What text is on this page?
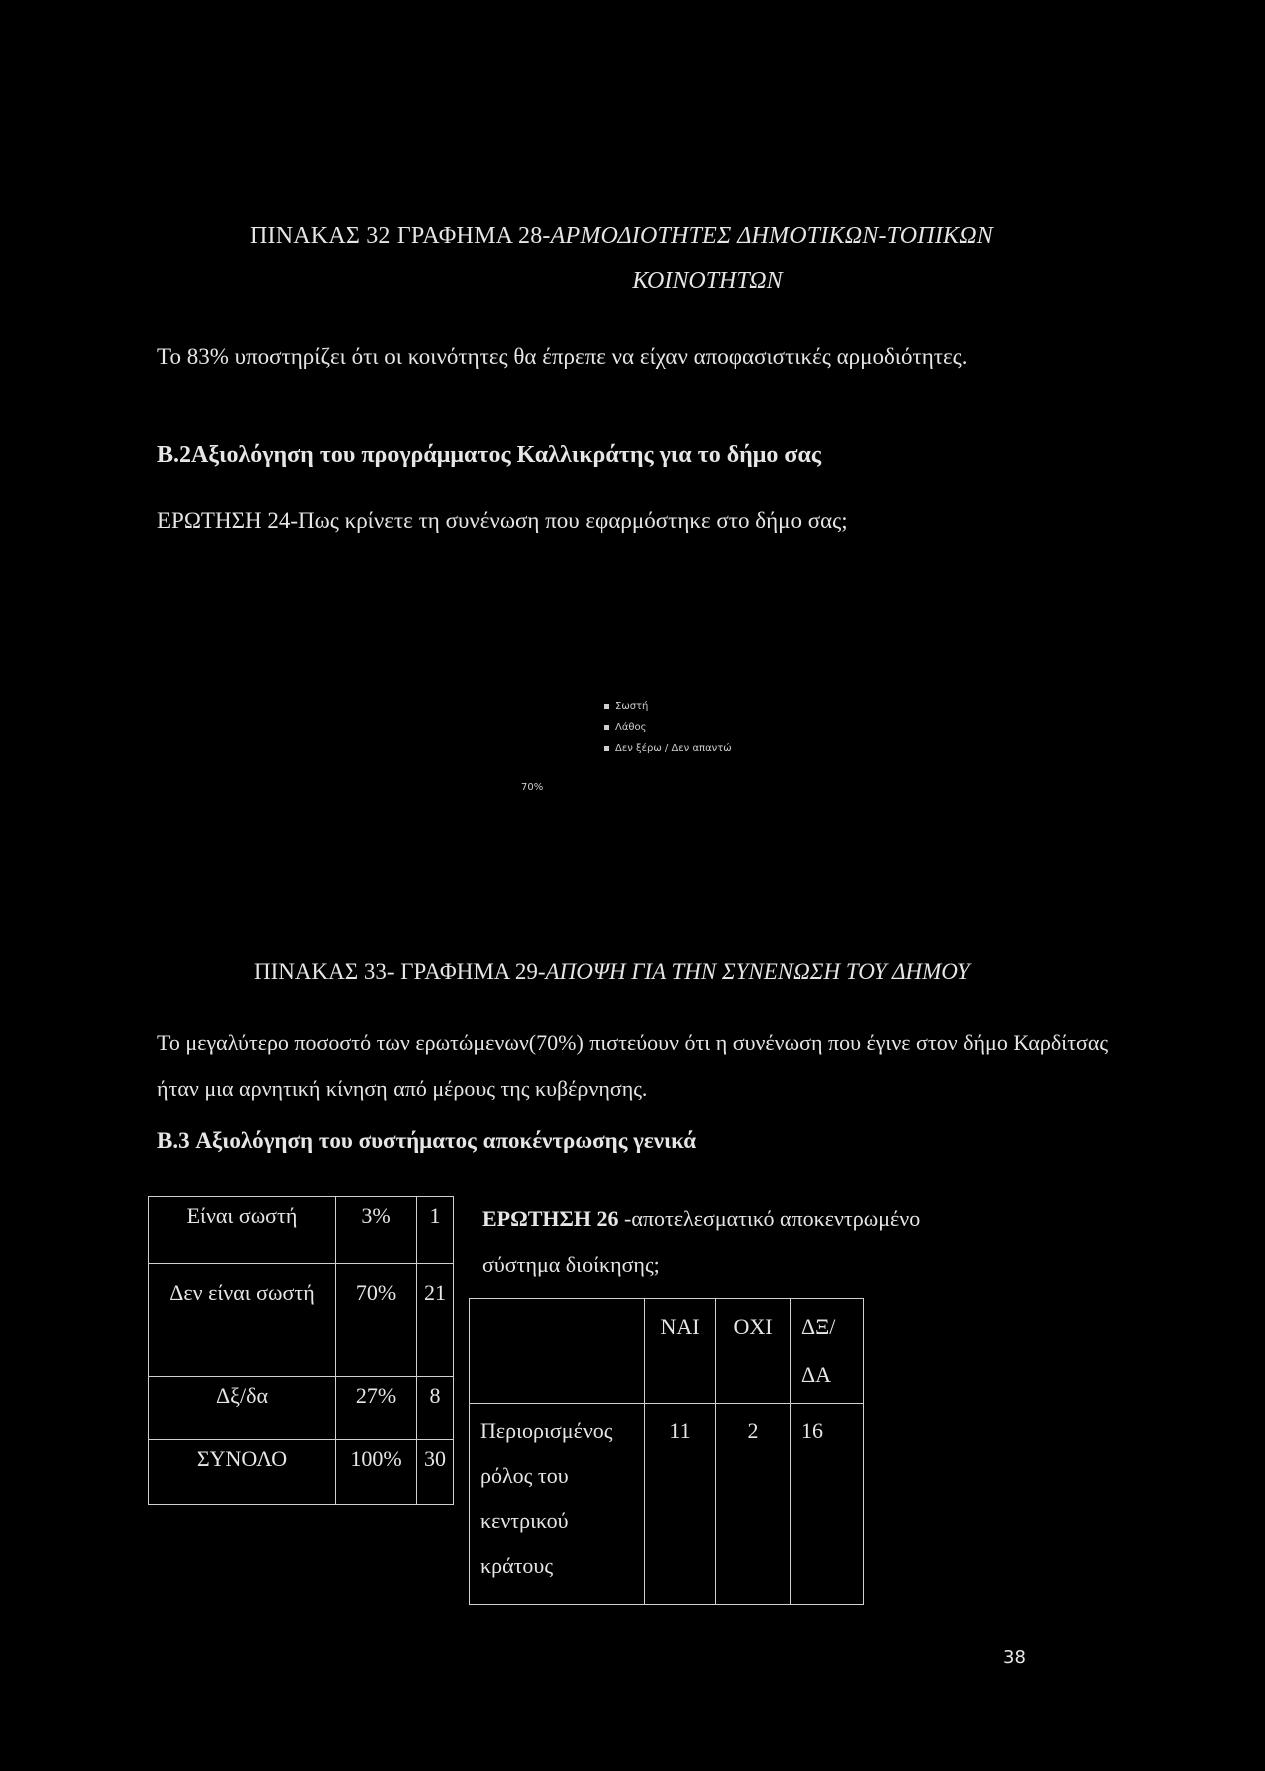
ΠΙΝΑΚΑΣ 32 ΓΡΑΦΗΜΑ 28-ΑΡΜΟΔΙΟΤΗΤΕΣ ΔΗΜΟΤΙΚΩΝ-ΤΟΠΙΚΩΝ
ΚΟΙΝΟΤΗΤΩΝ
Το 83% υποστηρίζει ότι οι κοινότητες θα έπρεπε να είχαν αποφασιστικές αρμοδιότητες.
B.2Αξιολόγηση του προγράμματος Καλλικράτης για το δήμο σας
ΕΡΩΤΗΣΗ 24-Πως κρίνετε τη συνένωση που εφαρμόστηκε στο δήμο σας;
Σωστή
Λάθος
Δεν ξέρω / Δεν απαντώ
70%
ΠΙΝΑΚΑΣ 33- ΓΡΑΦΗΜΑ 29-ΑΠΟΨΗ ΓΙΑ ΤΗΝ ΣΥΝΕΝΩΣΗ ΤΟΥ ΔΗΜΟΥ
Το μεγαλύτερο ποσοστό των ερωτώμενων(70%) πιστεύουν ότι η συνένωση που έγινε στον δήμο Καρδίτσας ήταν μια αρνητική κίνηση από μέρους της κυβέρνησης.
B.3 Αξιολόγηση του συστήματος αποκέντρωσης γενικά
Είναι σωστή	3%	1
Δεν είναι σωστή	70%	21
Δξ/δα	27%	8
ΣΥΝΟΛΟ	100%	30
ΕΡΩΤΗΣΗ 26 -αποτελεσματικό αποκεντρωμένο σύστημα διοίκησης;
	ΝΑΙ	ΟΧΙ	ΔΞ/ ΔΑ
Περιορισμένος ρόλος του κεντρικού κράτους	11	2	16
38
